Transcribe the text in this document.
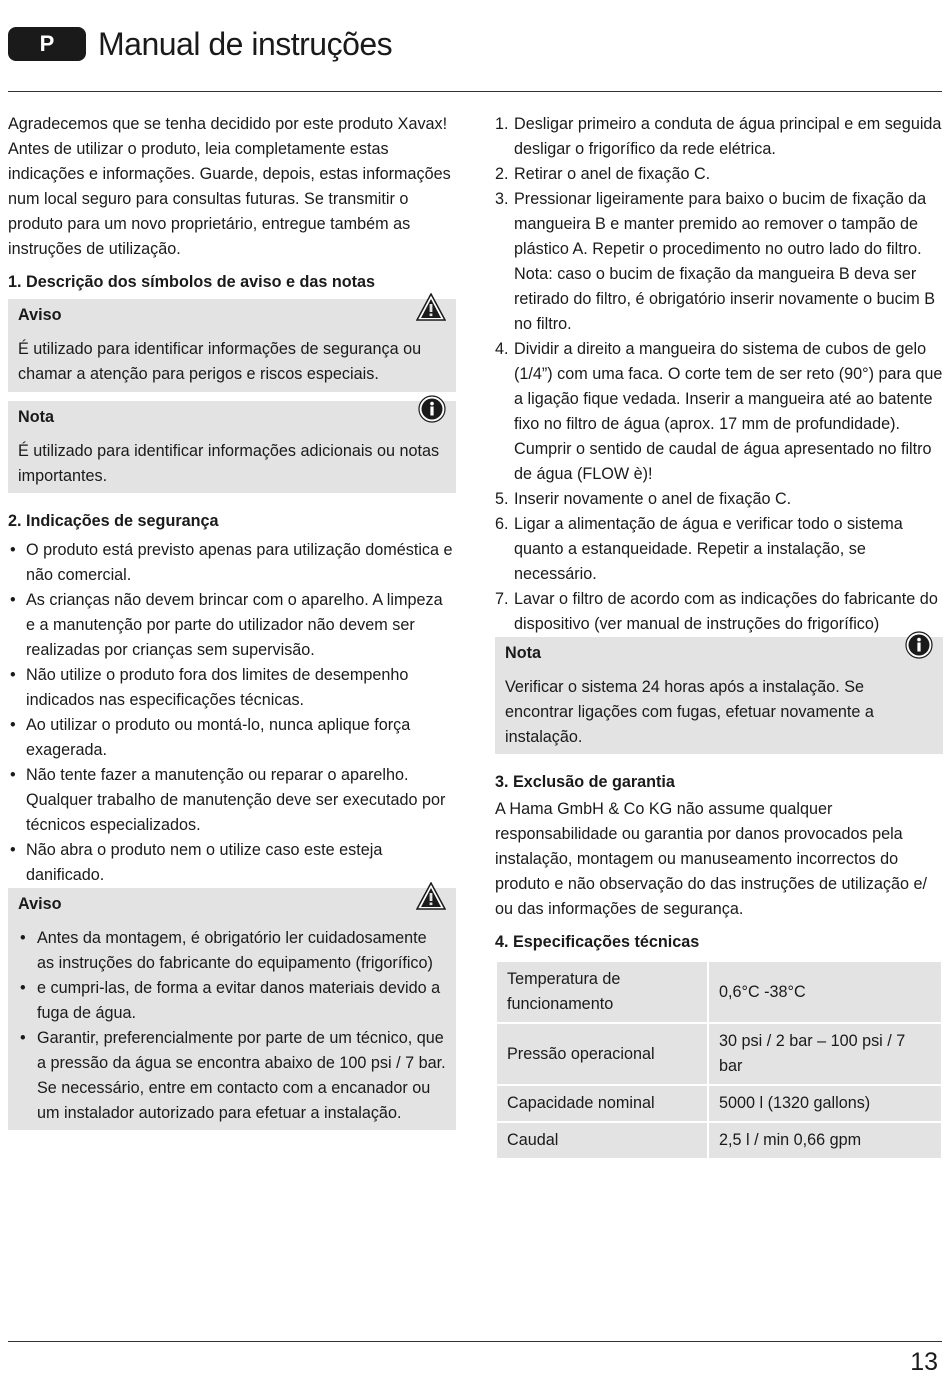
P	Manual de instruções

Agradecemos que se tenha decidido por este produto Xavax! Antes de utilizar o produto, leia completamente estas indicações e informações. Guarde, depois, estas informações num local seguro para consultas futuras. Se transmitir o produto para um novo proprietário, entregue também as instruções de utilização.

1. Descrição dos símbolos de aviso e das notas

Aviso

É utilizado para identificar informações de segurança ou chamar a atenção para perigos e riscos especiais.

Nota

É utilizado para identificar informações adicionais ou notas importantes.

2. Indicações de segurança

• O produto está previsto apenas para utilização doméstica e não comercial.
• As crianças não devem brincar com o aparelho. A limpeza e a manutenção por parte do utilizador não devem ser realizadas por crianças sem supervisão.
• Não utilize o produto fora dos limites de desempenho indicados nas especificações técnicas.
• Ao utilizar o produto ou montá-lo, nunca aplique força exagerada.
• Não tente fazer a manutenção ou reparar o aparelho. Qualquer trabalho de manutenção deve ser executado por técnicos especializados.
• Não abra o produto nem o utilize caso este esteja danificado.

Aviso

• Antes da montagem, é obrigatório ler cuidadosamente as instruções do fabricante do equipamento (frigorífico)
• e cumpri-las, de forma a evitar danos materiais devido a fuga de água.
• Garantir, preferencialmente por parte de um técnico, que a pressão da água se encontra abaixo de 100 psi / 7 bar. Se necessário, entre em contacto com a encanador ou um instalador autorizado para efetuar a instalação.
1. Desligar primeiro a conduta de água principal e em seguida desligar o frigorífico da rede elétrica.
2. Retirar o anel de fixação C.
3. Pressionar ligeiramente para baixo o bucim de fixação da mangueira B e manter premido ao remover o tampão de plástico A. Repetir o procedimento no outro lado do filtro. Nota: caso o bucim de fixação da mangueira B deva ser retirado do filtro, é obrigatório inserir novamente o bucim B no filtro.
4. Dividir a direito a mangueira do sistema de cubos de gelo (1/4”) com uma faca. O corte tem de ser reto (90°) para que a ligação fique vedada. Inserir a mangueira até ao batente fixo no filtro de água (aprox. 17 mm de profundidade). Cumprir o sentido de caudal de água apresentado no filtro de água (FLOW è)!
5. Inserir novamente o anel de fixação C.
6. Ligar a alimentação de água e verificar todo o sistema quanto a estanqueidade. Repetir a instalação, se necessário.
7. Lavar o filtro de acordo com as indicações do fabricante do dispositivo (ver manual de instruções do frigorífico)

Nota

Verificar o sistema 24 horas após a instalação. Se encontrar ligações com fugas, efetuar novamente a instalação.

3. Exclusão de garantia

A Hama GmbH & Co KG não assume qualquer responsabilidade ou garantia por danos provocados pela instalação, montagem ou manuseamento incorrectos do produto e não observação do das instruções de utilização e/ ou das informações de segurança.

4. Especificações técnicas

Temperatura de funcionamento	0,6°C -38°C
Pressão operacional	30 psi / 2 bar – 100 psi / 7 bar
Capacidade nominal	5000 l (1320 gallons)
Caudal	2,5 l / min 0,66 gpm
13
